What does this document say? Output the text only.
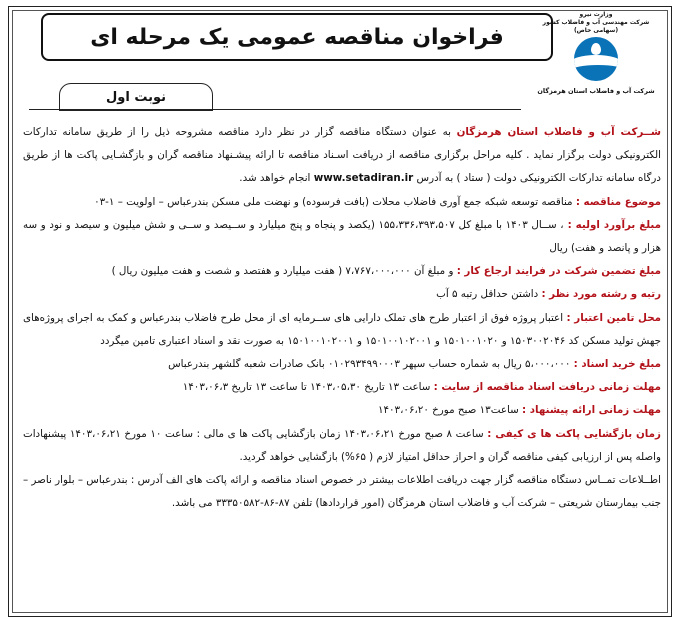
فراخوان مناقصه عمومی یک مرحله ای
وزارت نیرو
شرکت مهندسی آب و فاضلاب کشور
(سهامی خاص)
شرکت آب و فاضلاب استان هرمزگان
نوبت اول

شــرکت آب و فاضلاب استان هرمزگان به عنوان دستگاه مناقصه گزار در نظر دارد مناقصه مشروحه ذیل را از طریق سامانه تدارکات الکترونیکی دولت برگزار نماید . کلیه مراحل برگزاری مناقصه از دریافت اسـناد مناقصه تا ارائه پیشـنهاد مناقصه گران و بازگشـایی پاکت ها از طریق درگاه سامانه تدارکات الکترونیکی دولت ( ستاد ) به آدرس www.setadiran.ir انجام خواهد شد.

موضوع مناقصه : مناقصه توسعه شبکه جمع آوری فاضلاب محلات (بافت فرسوده) و نهضت ملی مسکن بندرعباس – اولویت – ۱-۰۳

مبلغ برآورد اولیه : ، ســال ۱۴۰۳ با مبلغ کل ۱۵۵،۳۳۶،۳۹۳،۵۰۷ (یکصد و پنجاه و پنج میلیارد و ســیصد و ســی و شش میلیون و سیصد و نود و سه هزار و پانصد و هفت) ریال

مبلغ تضمین شرکت در فرایند ارجاع کار : و مبلغ آن ۷،۷۶۷،۰۰۰،۰۰۰ ( هفت میلیارد و هفتصد و شصت و هفت میلیون ریال )

رتبه و رشته مورد نظر : داشتن حداقل رتبه ۵ آب

محل تامین اعتبار : اعتبار پروژه فوق از اعتبار طرح های تملک دارایی های ســرمایه ای از محل طرح فاضلاب بندرعباس و کمک به اجرای پروژه‌های جهش تولید مسکن کد ۱۵۰۳۰۰۲۰۴۶ و ۱۵۰۱۰۰۱۰۲۰ و ۱۵۰۱۰۰۱۰۲۰۰۱ و ۱۵۰۱۰۰۱۰۲۰۰۱ به صورت نقد و اسناد اعتباری تامین میگردد

مبلغ خرید اسناد : ۵،۰۰۰،۰۰۰ ریال به شماره حساب سپهر ۰۱۰۲۹۳۴۹۹۰۰۰۳ بانک صادرات شعبه گلشهر بندرعباس

مهلت زمانی دریافت اسناد مناقصه از سایت : ساعت ۱۳ تاریخ ۱۴۰۳،۰۵،۳۰ تا ساعت ۱۳ تاریخ ۱۴۰۳،۰۶،۳

مهلت زمانی ارائه پیشنهاد : ساعت۱۳ صبح مورخ ۱۴۰۳،۰۶،۲۰

زمان بازگشایی پاکت ها ی کیفی : ساعت ۸ صبح مورخ ۱۴۰۳،۰۶،۲۱ زمان بازگشایی پاکت ها ی مالی : ساعت ۱۰ مورخ ۱۴۰۳،۰۶،۲۱ پیشنهادات واصله پس از ارزیابی کیفی مناقصه گران و احراز حداقل امتیاز لازم ( ۶۵%) بازگشایی خواهد گردید.

اطــلاعات تمــاس دستگاه مناقصه گزار جهت دریافت اطلاعات بیشتر در خصوص اسناد مناقصه و ارائه پاکت های الف آدرس : بندرعباس – بلوار ناصر – جنب بیمارستان شریعتی – شرکت آب و فاضلاب استان هرمزگان (امور قراردادها) تلفن ۸۷-۸۶-۳۳۳۵۰۵۸۲ می باشد.
